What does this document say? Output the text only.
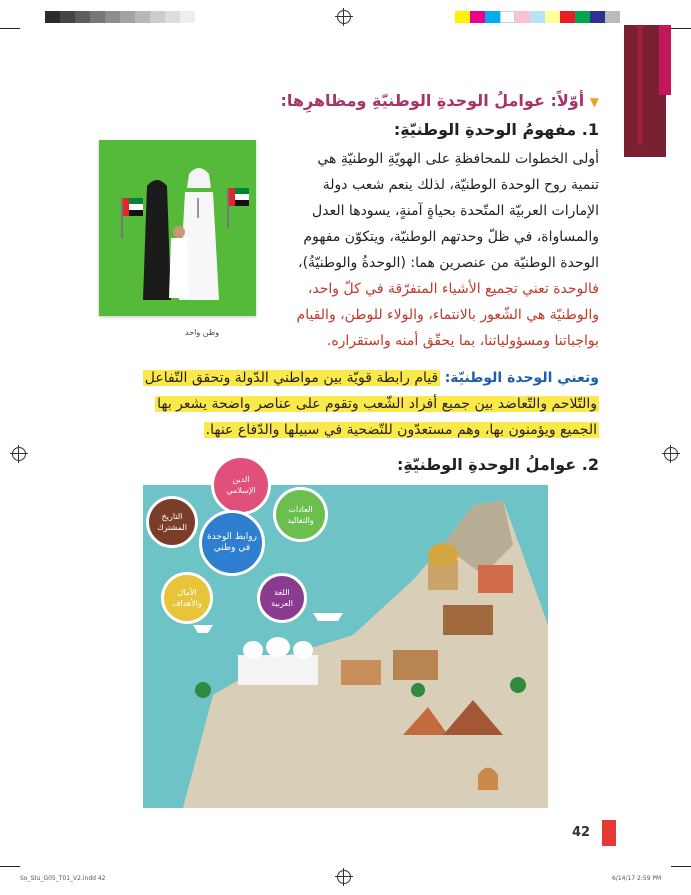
▼ أوّلاً: عواملُ الوحدةِ الوطنيّةِ ومظاهرِها:
1. مفهومُ الوحدةِ الوطنيّةِ:
أولى الخطوات للمحافظةِ على الهويّةِ الوطنيّةِ هي
تنمية روح الوحدة الوطنيّة، لذلك ينعم شعب دولة
الإمارات العربيّة المتّحدة بحياةٍ آمنةٍ، يسودها العدل
والمساواة، في ظلّ وحدتهم الوطنيّة، ويتكوّن مفهوم
الوحدة الوطنيّة من عنصرين هما: (الوحدةُ والوطنيّةُ)،
فالوحدة تعني تجميع الأشياء المتفرّقة في كلّ واحد،
والوطنيّة هي الشّعور بالانتماء، والولاء للوطن، والقيام
بواجباتنا ومسؤولياتنا، بما يحقّق أمنه واستقراره.
وطن واحد
وتعني الوحدة الوطنيّة: قيام رابطة قويّة بين مواطني الدّولة وتحقق التّفاعل
والتّلاحم والتّعاضد بين جميع أفراد الشّعب وتقوم على عناصر واضحة يشعر بها
الجميع ويؤمنون بها، وهم مستعدّون للتّضحية في سبيلها والدّفاع عنها.
2. عواملُ الوحدةِ الوطنيّةِ:
الدين الإسلامي
العادات والتقاليد
اللغة العربية
الآمال والأهداف
التاريخ المشترك
روابط الوحدة في وطني
42
So_Stu_G05_T01_V2.indd 42	6/14/17 2:59 PM
